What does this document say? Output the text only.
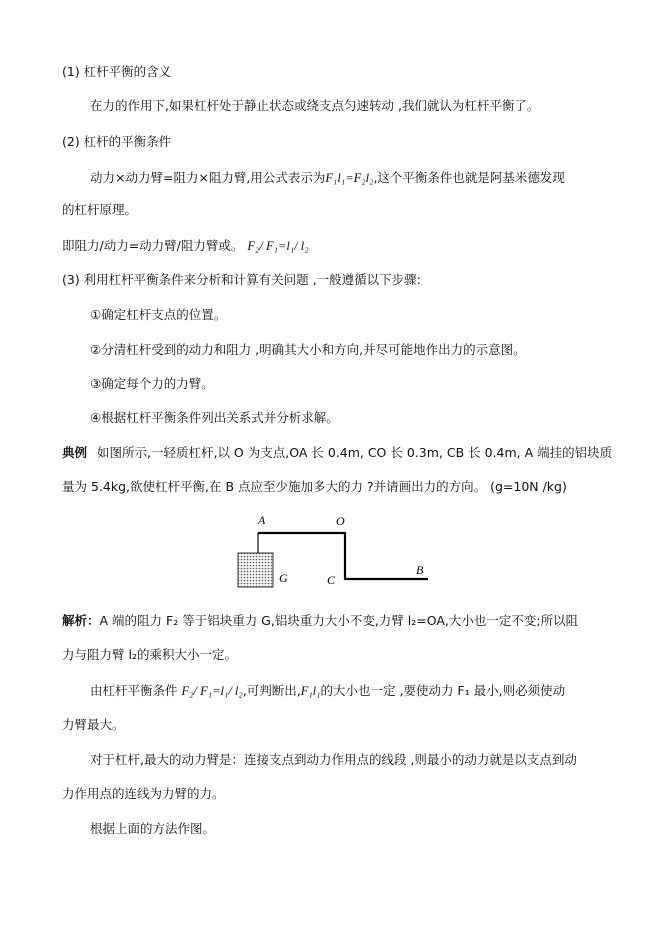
(1) 杠杆平衡的含义
在力的作用下,如果杠杆处于静止状态或绕支点匀速转动 ,我们就认为杠杆平衡了。
(2) 杠杆的平衡条件
动力×动力臂=阻力×阻力臂,用公式表示为F₁l₁=F₂l₂,这个平衡条件也就是阿基米德发现
的杠杆原理。
即阻力/动力=动力臂/阻力臂或。 F₂/ F₁=l₁/ l₂
(3) 利用杠杆平衡条件来分析和计算有关问题 ,一般遵循以下步骤:
①确定杠杆支点的位置。
②分清杠杆受到的动力和阻力 ,明确其大小和方向,并尽可能地作出力的示意图。
③确定每个力的力臂。
④根据杠杆平衡条件列出关系式并分析求解。
典例 如图所示,一轻质杠杆,以 O 为支点,OA 长 0.4m, CO 长 0.3m, CB 长 0.4m, A 端挂的铝块质
量为 5.4kg,欲使杠杆平衡,在 B 点应至少施加多大的力 ?并请画出力的方向。 (g=10N /kg)
A	O
G	C
B
解析：A 端的阻力 F₂ 等于铝块重力 G,铝块重力大小不变,力臂 l₂=OA,大小也一定不变;所以阻
力与阻力臂 l₂的乘积大小一定。
由杠杆平衡条件 F₂/ F₁=l₁/ l₂,可判断出,F₁l₁的大小也一定 ,要使动力 F₁ 最小,则必须使动
力臂最大。
对于杠杆,最大的动力臂是：连接支点到动力作用点的线段 ,则最小的动力就是以支点到动
力作用点的连线为力臂的力。
根据上面的方法作图。
